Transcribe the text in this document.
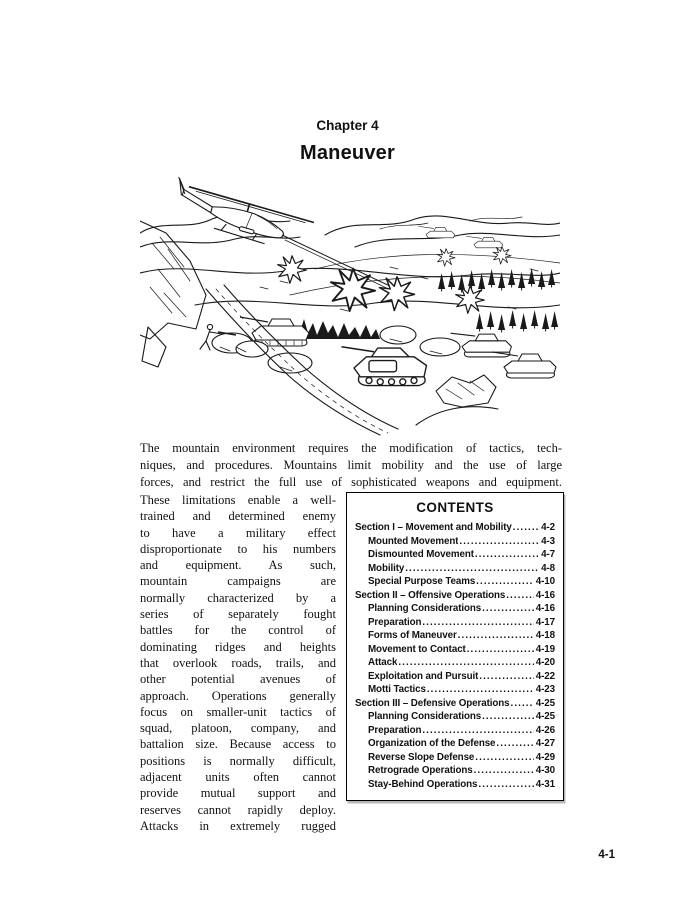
Chapter 4
Maneuver
The mountain environment requires the modification of tactics, tech-
niques, and procedures. Mountains limit mobility and the use of large
forces, and restrict the full use of sophisticated weapons and equipment.
These limitations enable a well-
trained and determined enemy
to have a military effect
disproportionate to his numbers
and equipment. As such,
mountain campaigns are
normally characterized by a
series of separately fought
battles for the control of
dominating ridges and heights
that overlook roads, trails, and
other potential avenues of
approach. Operations generally
focus on smaller-unit tactics of
squad, platoon, company, and
battalion size. Because access to
positions is normally difficult,
adjacent units often cannot
provide mutual support and
reserves cannot rapidly deploy.
Attacks in extremely rugged
CONTENTS
Section I – Movement and Mobility .....	4-2
Mounted Movement .....	4-3
Dismounted Movement .....	4-7
Mobility .....	4-8
Special Purpose Teams .....	4-10
Section II – Offensive Operations .....	4-16
Planning Considerations .....	4-16
Preparation .....	4-17
Forms of Maneuver .....	4-18
Movement to Contact .....	4-19
Attack .....	4-20
Exploitation and Pursuit .....	4-22
Motti Tactics .....	4-23
Section III – Defensive Operations .....	4-25
Planning Considerations .....	4-25
Preparation .....	4-26
Organization of the Defense .....	4-27
Reverse Slope Defense .....	4-29
Retrograde Operations .....	4-30
Stay-Behind Operations .....	4-31
4-1
